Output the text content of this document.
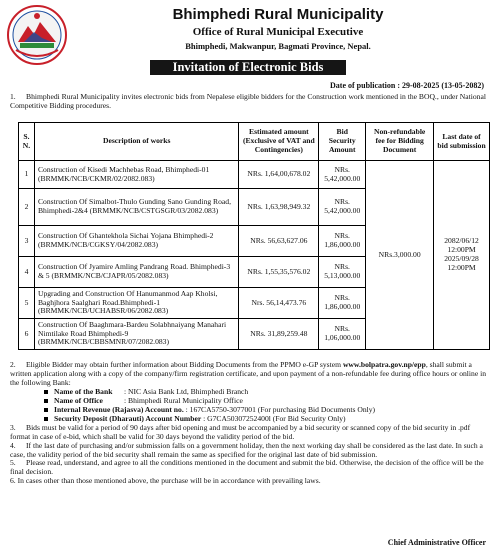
Bhimphedi Rural Municipality
Office of Rural Municipal Executive
Bhimphedi, Makwanpur, Bagmati Province, Nepal.
Invitation of Electronic Bids
Date of publication : 29-08-2025 (13-05-2082)
1. Bhimphedi Rural Municipality invites electronic bids from Nepalese eligible bidders for the Construction work mentioned in the BOQ., under National Competitive Bidding procedures.
S. N.	Description of works	Estimated amount (Exclusive of VAT and Contingencies)	Bid Security Amount	Non-refundable fee for Bidding Document	Last date of bid submission
1	Construction of Kisedi Machhebas Road, Bhimphedi-01 (BRMMK/NCB/CKMR/02/2082.083)	NRs. 1,64,00,678.02	NRs. 5,42,000.00	NRs.3,000.00	2082/06/12
12:00PM
2025/09/28
12:00PM

2	Construction Of Simalbot-Thulo Gunding Sano Gunding Road, Bhimphedi-2&4 (BRMMK/NCB/CSTGSGR/03/2082.083)	NRs. 1,63,98,949.32	NRs. 5,42,000.00		
3	Construction Of Ghantekhola Sichai Yojana Bhimphedi-2 (BRMMK/NCB/CGKSY/04/2082.083)	NRs. 56,63,627.06	NRs. 1,86,000.00		
4	Construction Of Jyamire Amling Pandrang Road. Bhimphedi-3 & 5 (BRMMK/NCB/CJAPR/05/2082.083)	NRs. 1,55,35,576.02	NRs. 5,13,000.00		
5	Upgrading and Construction Of Hanumanmod Aap Kholsi, Baghjhora Saalghari Road.Bhimphedi-1 (BRMMK/NCB/UCHABSR/06/2082.083)	Nrs. 56,14,473.76	NRs. 1,86,000.00		
6	Construction Of Baaghmara-Bardeu Solabhnaiyang Manahari Nimtilake Road Bhimphedi-9 (BRMMK/NCB/CBBSMNR/07/2082.083)	NRs. 31,89,259.48	NRs. 1,06,000.00		

2. Eligible Bidder may obtain further information about Bidding Documents from the PPMO e-GP system www.bolpatra.gov.np/epp, shall submit a written application along with a copy of the company/firm registration certificate, and upon payment of a non-refundable fee during office hours or online in the following Bank:

Name of the Bank : NIC Asia Bank Ltd, Bhimphedi Branch

Name of Office	: Bhimphedi Rural Municipality Office

Internal Revenue (Rajasva) Account no. : 167CA5750-3077001 (For purchasing Bid Documents Only)

Security Deposit (Dharauti) Account Number : G7CA50307252400l (For Bid Security Only)

3. Bids must be valid for a period of 90 days after bid opening and must be accompanied by a bid security or scanned copy of the bid security in .pdf format in case of e-bid, which shall be valid for 30 days beyond the validity period of the bid.

4. If the last date of purchasing and/or submission falls on a government holiday, then the next working day shall be considered as the last date. In such a case, the validity period of the bid security shall remain the same as specified for the original last date of bid submission.

5. Please read, understand, and agree to all the conditions mentioned in the document and submit the bid. Otherwise, the decision of the office will be the final decision.

6. In cases other than those mentioned above, the purchase will be in accordance with prevailing laws.

Chief Administrative Officer
